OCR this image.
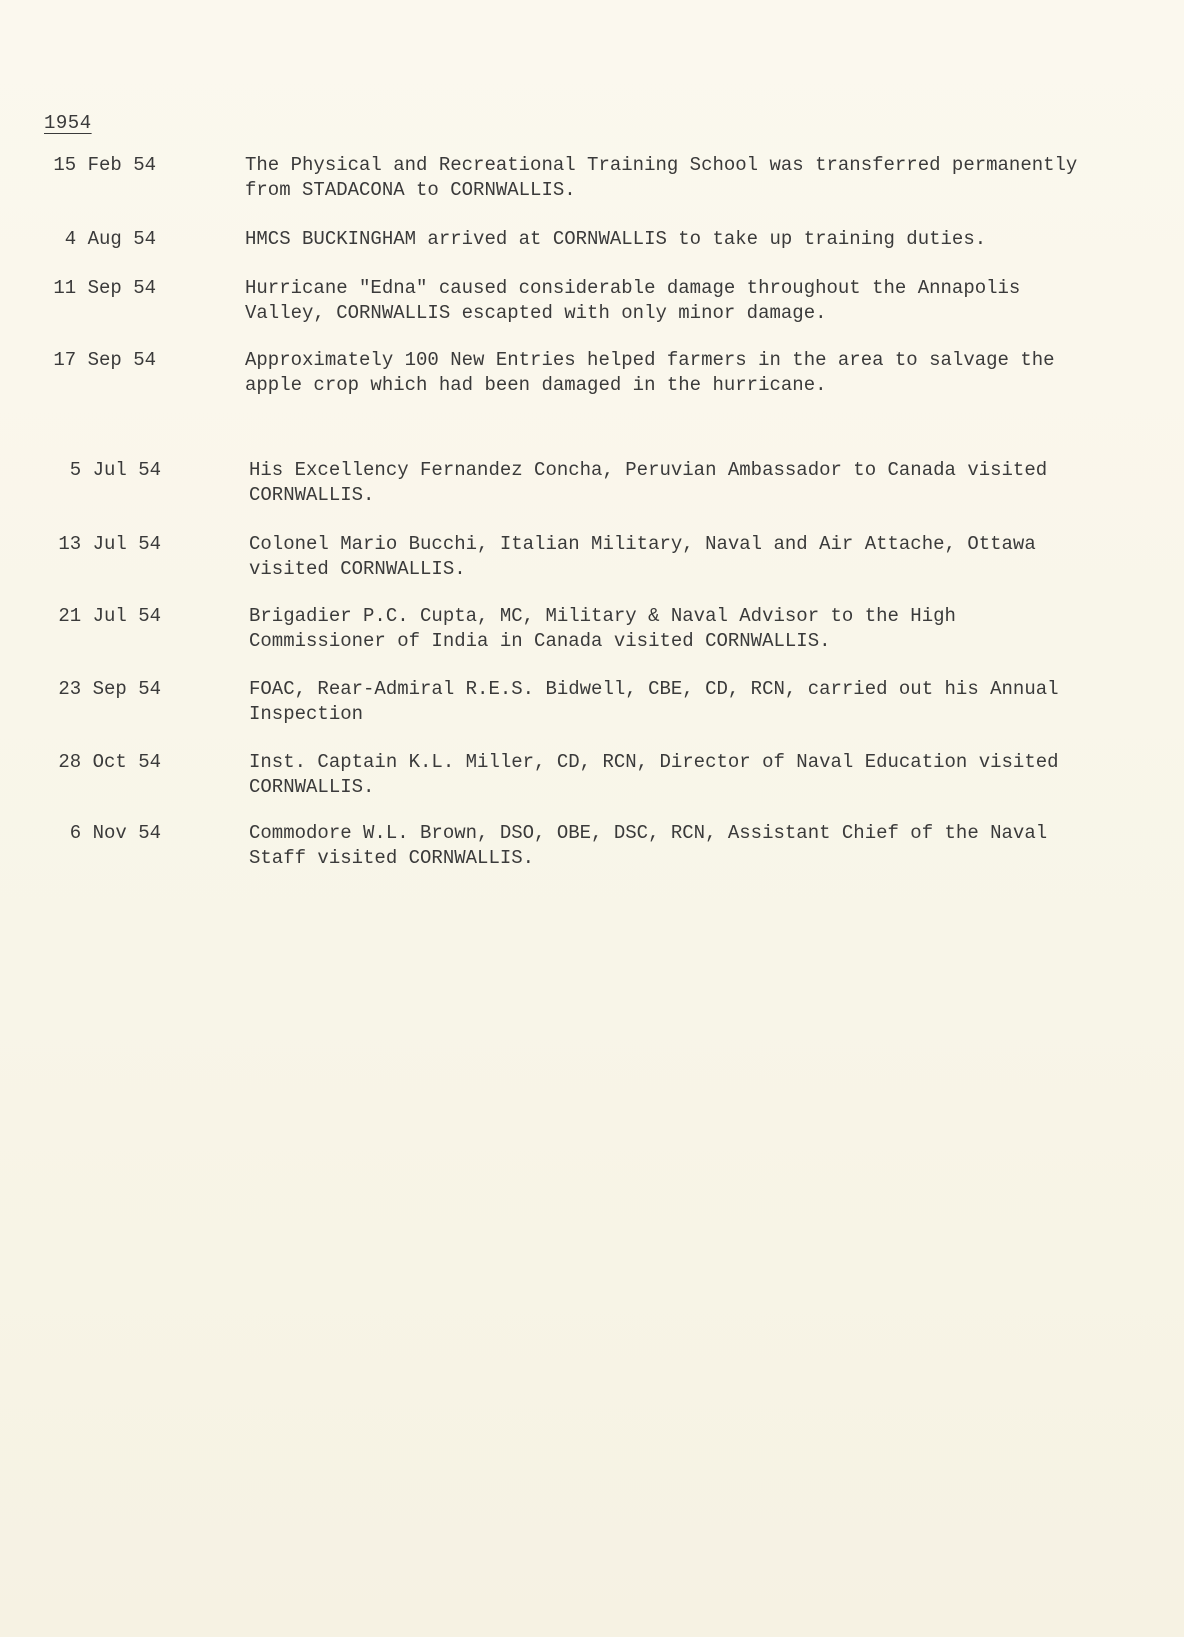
1954
15 Feb 54	The Physical and Recreational Training School was transferred permanently
from STADACONA to CORNWALLIS.
4 Aug 54	HMCS BUCKINGHAM arrived at CORNWALLIS to take up training duties.
11 Sep 54	Hurricane "Edna" caused considerable damage throughout the Annapolis
Valley, CORNWALLIS escapted with only minor damage.
17 Sep 54	Approximately 100 New Entries helped farmers in the area to salvage the
apple crop which had been damaged in the hurricane.
5 Jul 54	His Excellency Fernandez Concha, Peruvian Ambassador to Canada visited
CORNWALLIS.
13 Jul 54	Colonel Mario Bucchi, Italian Military, Naval and Air Attache, Ottawa
visited CORNWALLIS.
21 Jul 54	Brigadier P.C. Cupta, MC, Military & Naval Advisor to the High
Commissioner of India in Canada visited CORNWALLIS.
23 Sep 54	FOAC, Rear-Admiral R.E.S. Bidwell, CBE, CD, RCN, carried out his Annual
Inspection
28 Oct 54	Inst. Captain K.L. Miller, CD, RCN, Director of Naval Education visited
CORNWALLIS.
6 Nov 54	Commodore W.L. Brown, DSO, OBE, DSC, RCN, Assistant Chief of the Naval
Staff visited CORNWALLIS.
